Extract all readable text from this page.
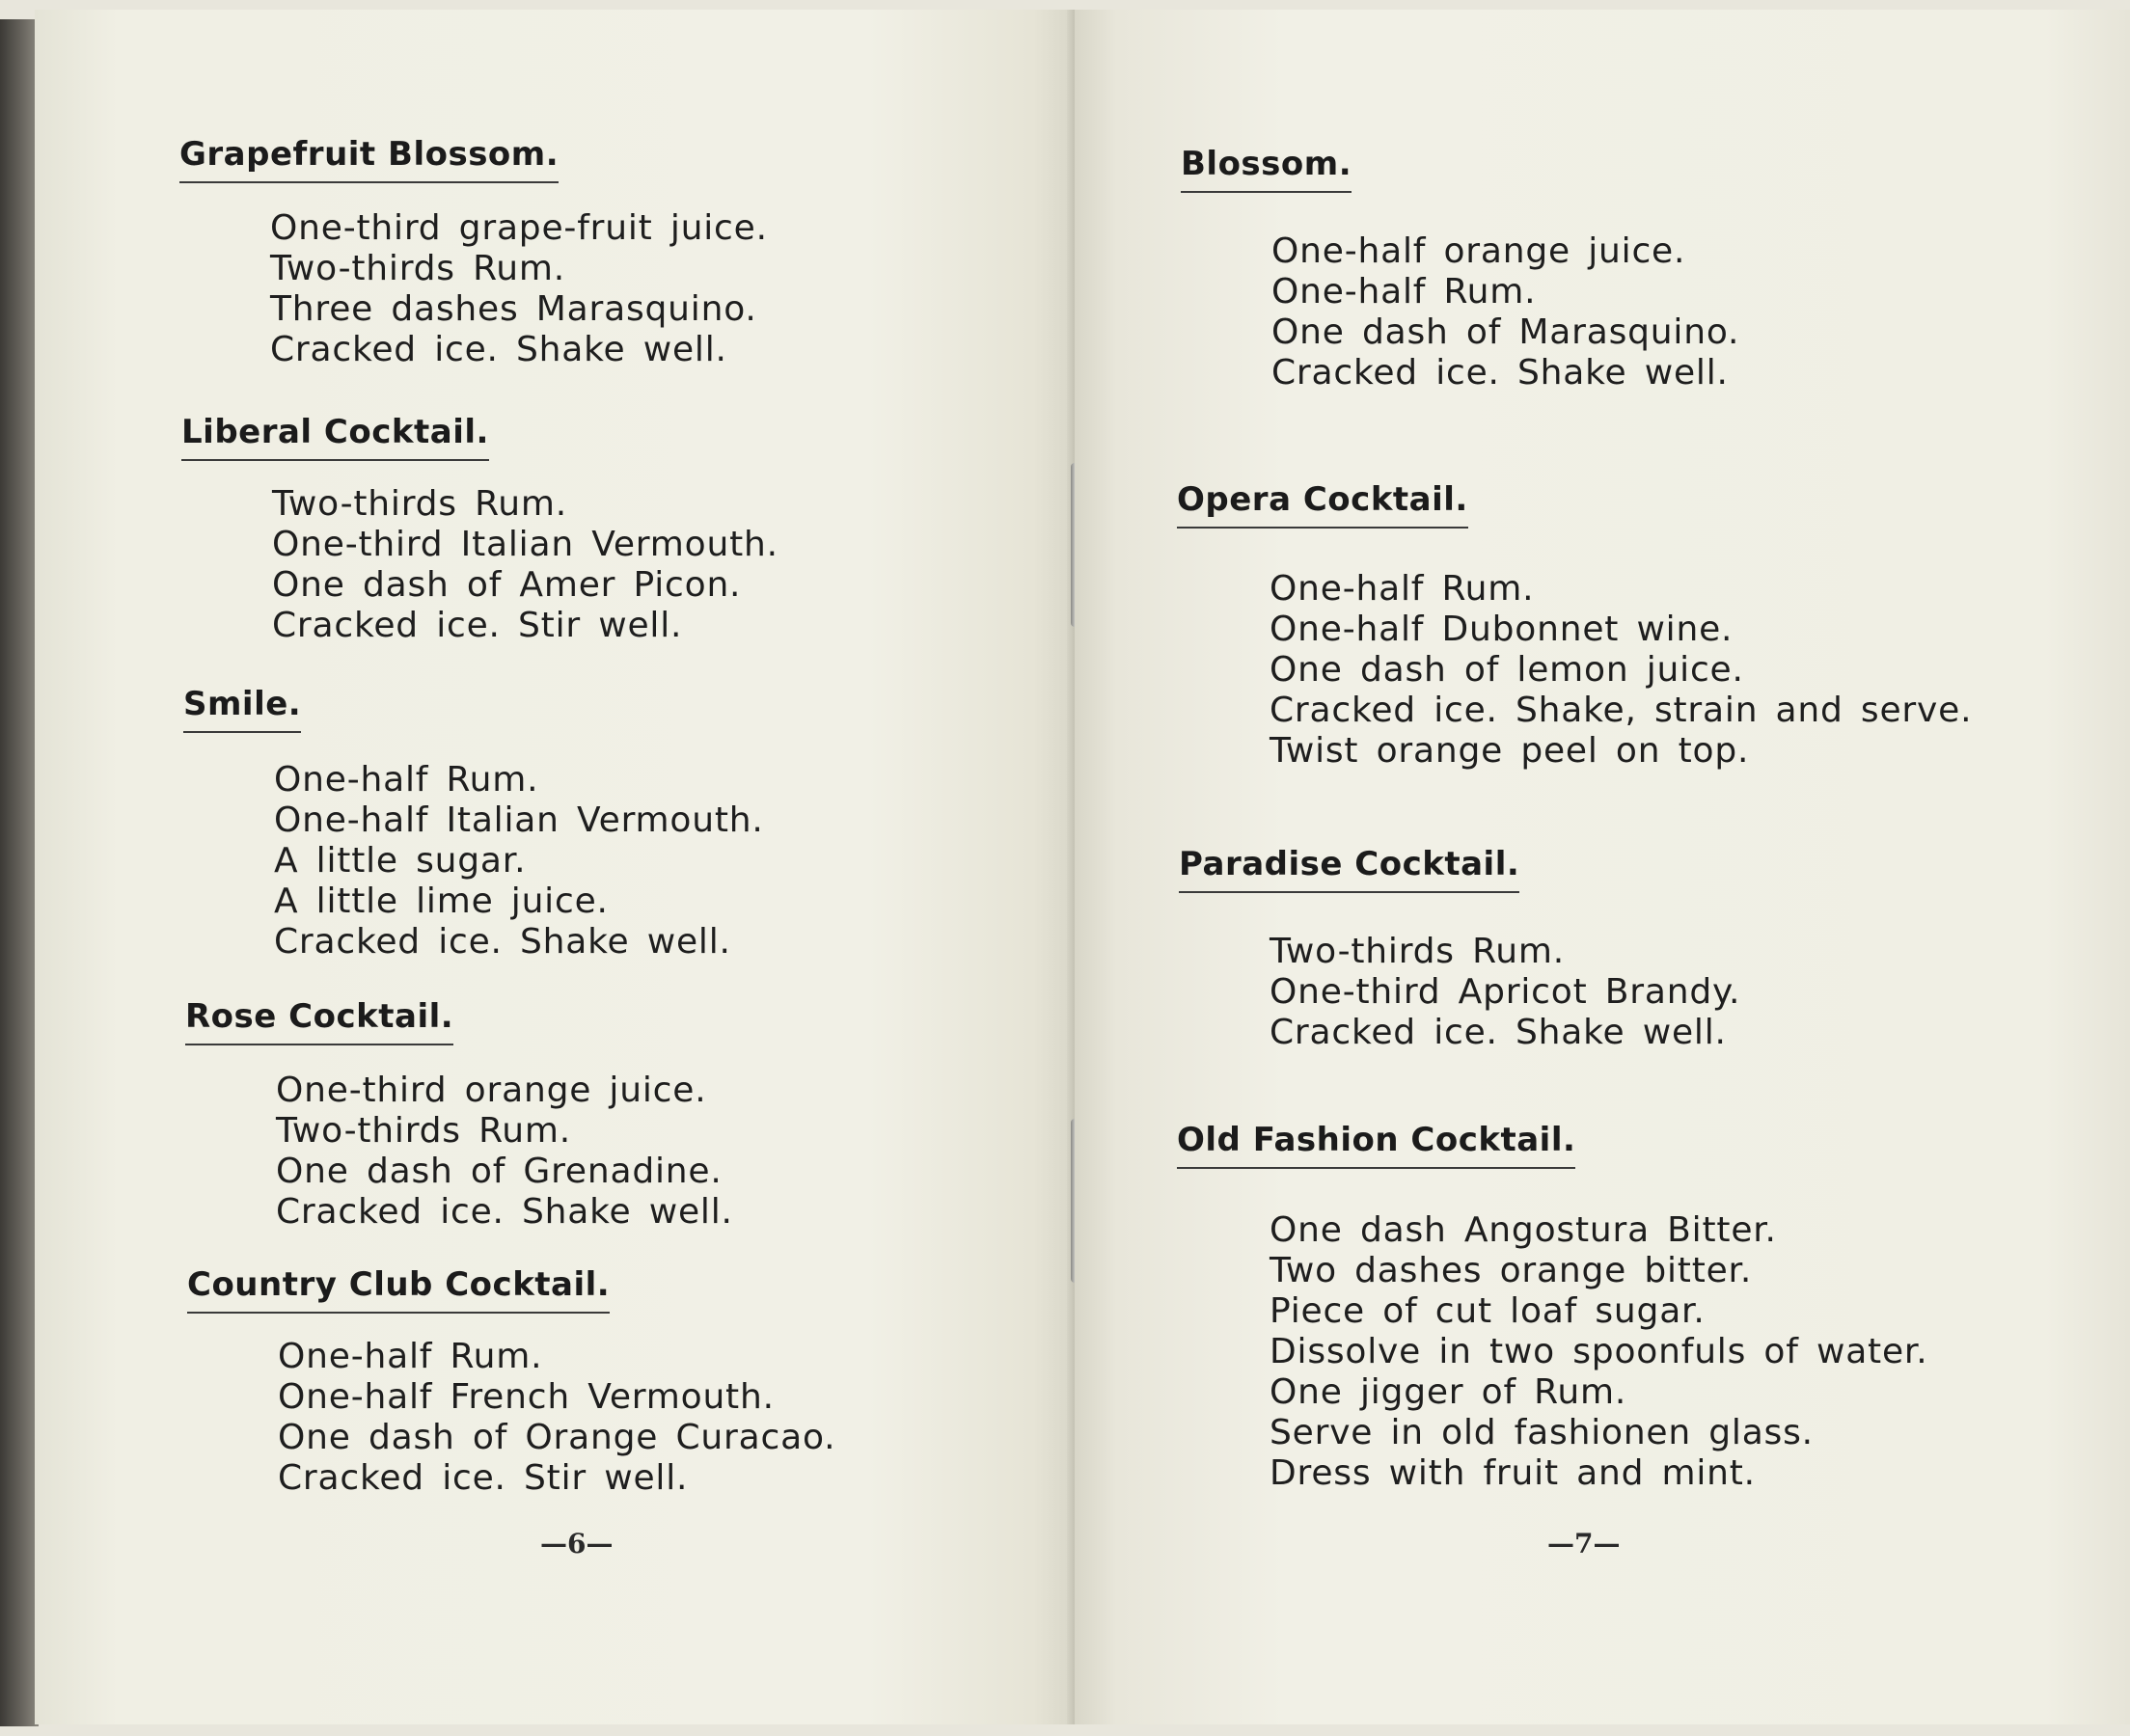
Grapefruit Blossom.
One-third grape-fruit juice.
Two-thirds Rum.
Three dashes Marasquino.
Cracked ice. Shake well.
Liberal Cocktail.
Two-thirds Rum.
One-third Italian Vermouth.
One dash of Amer Picon.
Cracked ice. Stir well.
Smile.
One-half Rum.
One-half Italian Vermouth.
A little sugar.
A little lime juice.
Cracked ice. Shake well.
Rose Cocktail.
One-third orange juice.
Two-thirds Rum.
One dash of Grenadine.
Cracked ice. Shake well.
Country Club Cocktail.
One-half Rum.
One-half French Vermouth.
One dash of Orange Curacao.
Cracked ice. Stir well.
—6—
Blossom.
One-half orange juice.
One-half Rum.
One dash of Marasquino.
Cracked ice. Shake well.
Opera Cocktail.
One-half Rum.
One-half Dubonnet wine.
One dash of lemon juice.
Cracked ice. Shake, strain and serve.
Twist orange peel on top.
Paradise Cocktail.
Two-thirds Rum.
One-third Apricot Brandy.
Cracked ice. Shake well.
Old Fashion Cocktail.
One dash Angostura Bitter.
Two dashes orange bitter.
Piece of cut loaf sugar.
Dissolve in two spoonfuls of water.
One jigger of Rum.
Serve in old fashionen glass.
Dress with fruit and mint.
—7—
